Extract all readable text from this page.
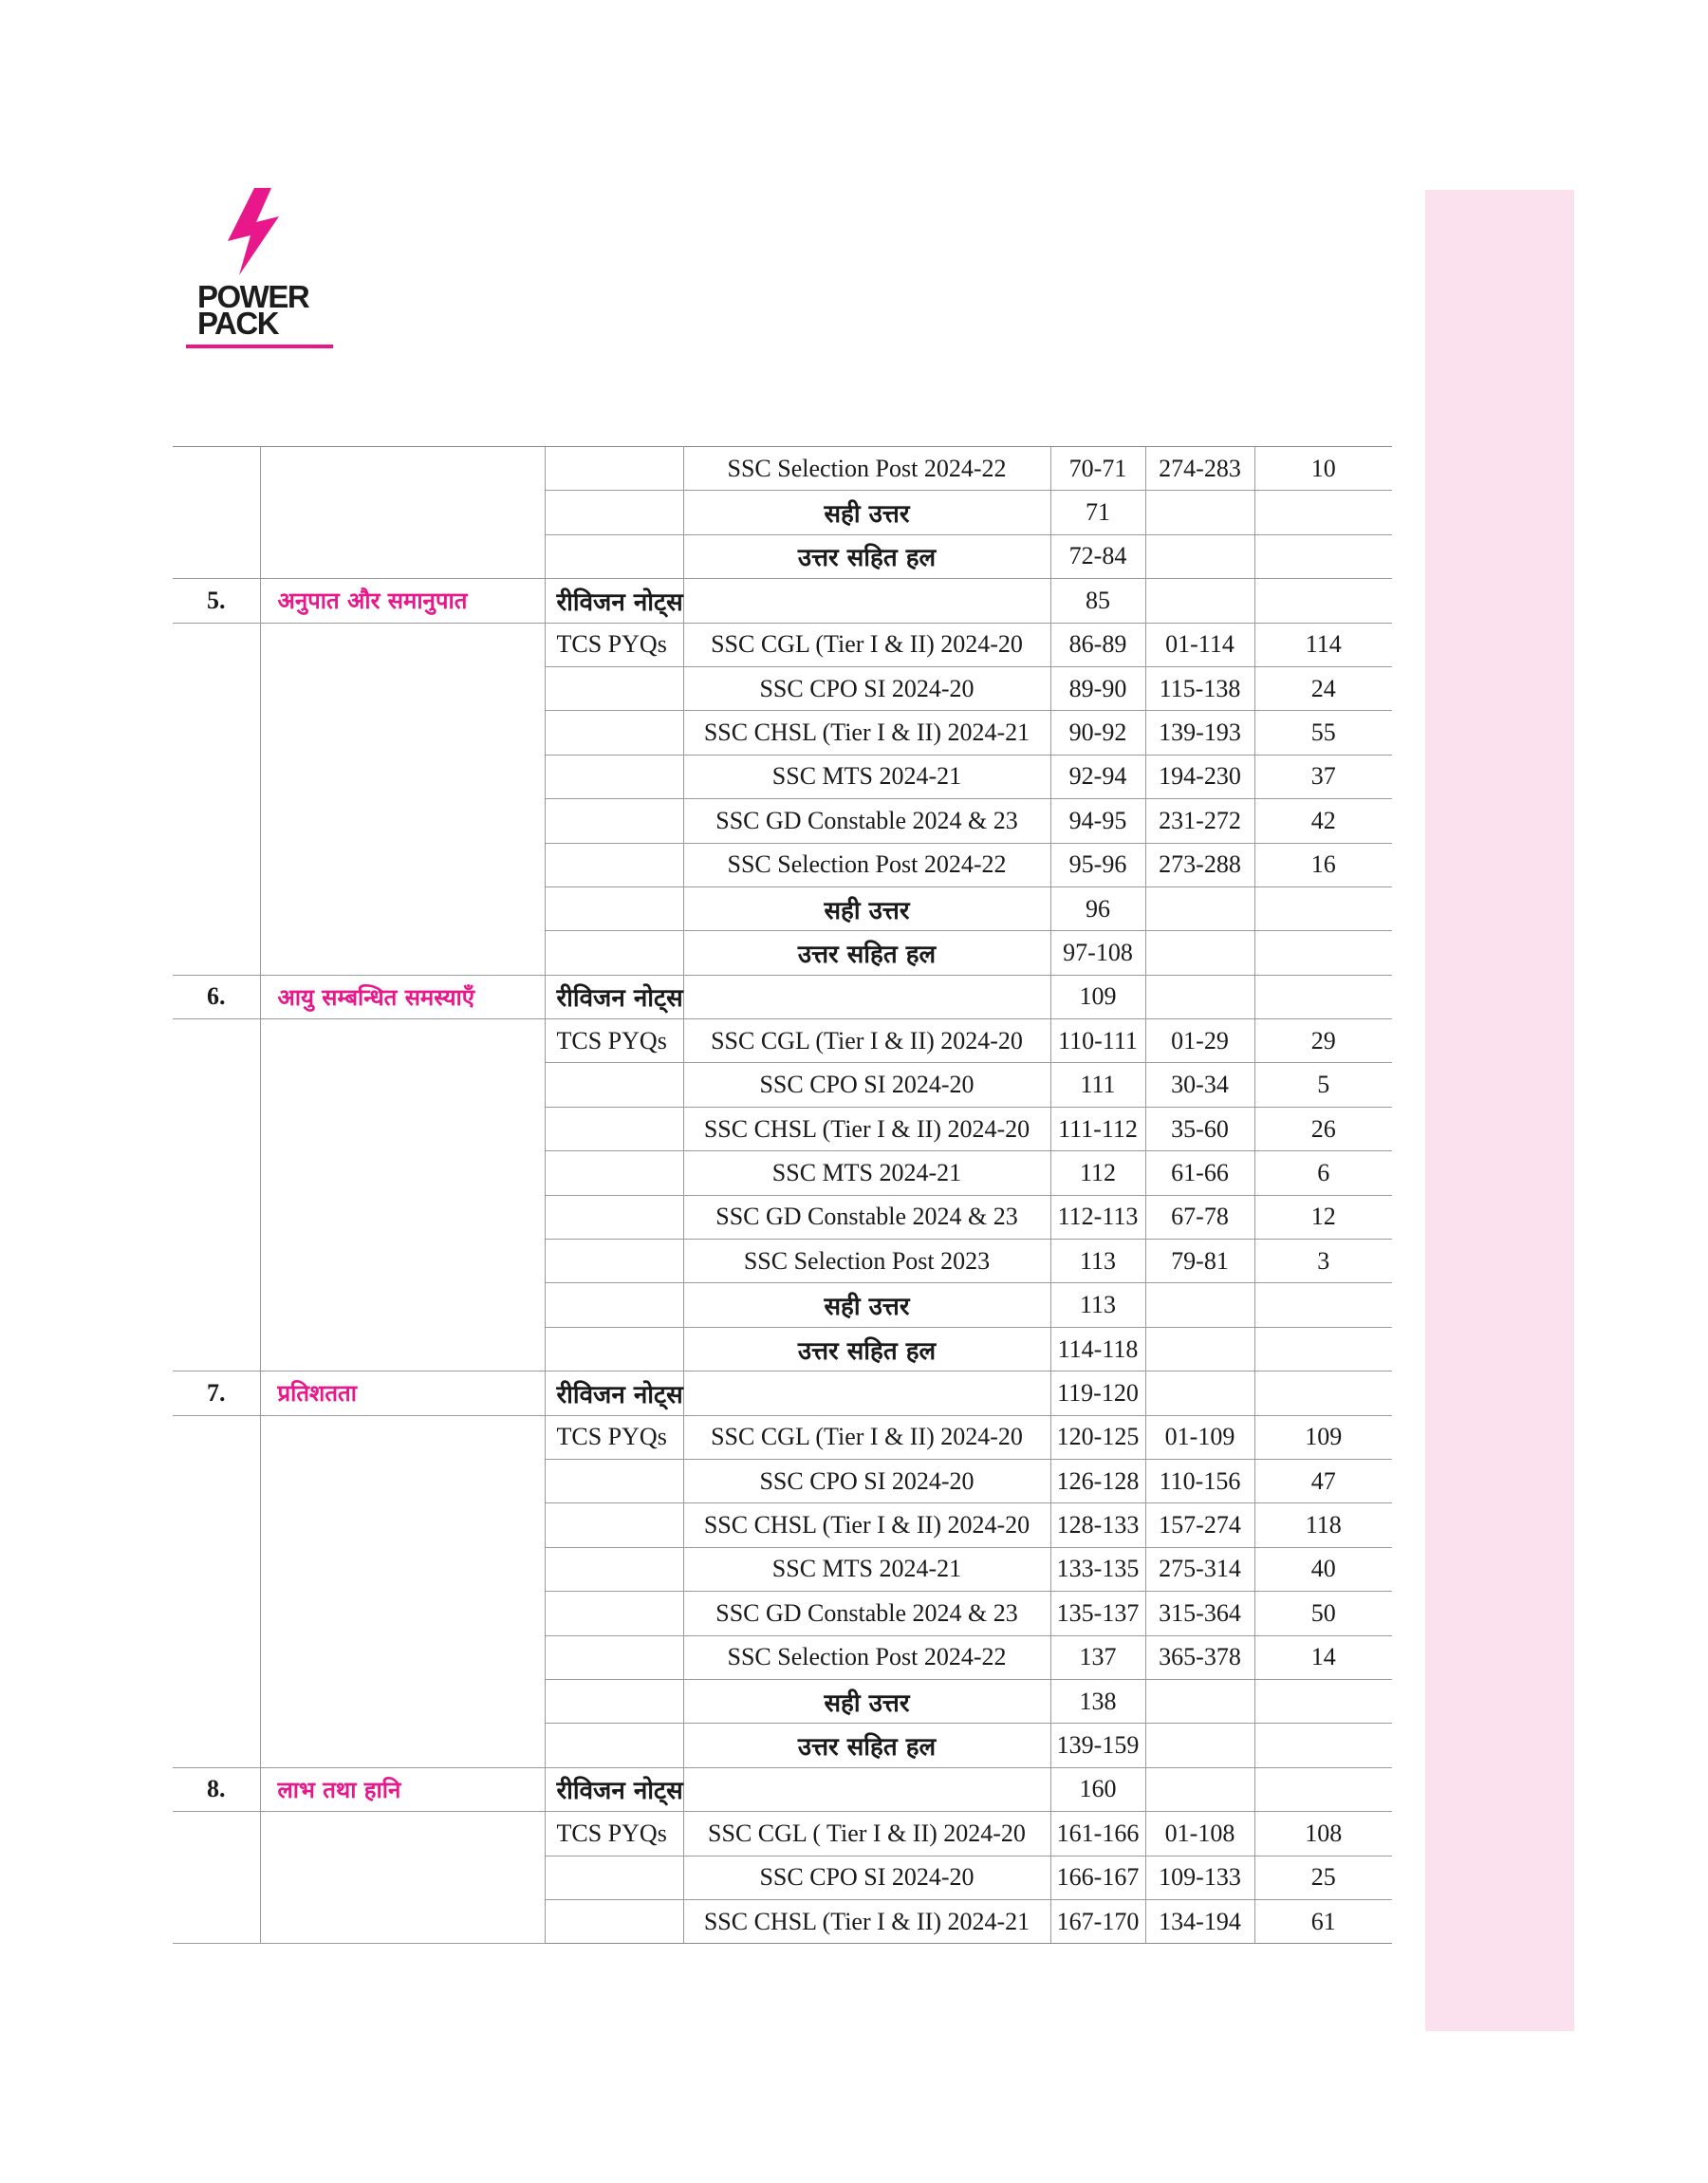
POWER
PACK
			SSC Selection Post 2024-22	70-71	274-283	10
			सही उत्तर	71		
			उत्तर सहित हल	72-84		
5.	अनुपात और समानुपात	रीविजन नोट्स		85		
		TCS PYQs	SSC CGL (Tier I & II) 2024-20	86-89	01-114	114
			SSC CPO SI 2024-20	89-90	115-138	24
			SSC CHSL (Tier I & II) 2024-21	90-92	139-193	55
			SSC MTS 2024-21	92-94	194-230	37
			SSC GD Constable 2024 & 23	94-95	231-272	42
			SSC Selection Post 2024-22	95-96	273-288	16
			सही उत्तर	96		
			उत्तर सहित हल	97-108		
6.	आयु सम्बन्धित समस्याएँ	रीविजन नोट्स		109		
		TCS PYQs	SSC CGL (Tier I & II) 2024-20	110-111	01-29	29
			SSC CPO SI 2024-20	111	30-34	5
			SSC CHSL (Tier I & II) 2024-20	111-112	35-60	26
			SSC MTS 2024-21	112	61-66	6
			SSC GD Constable 2024 & 23	112-113	67-78	12
			SSC Selection Post 2023	113	79-81	3
			सही उत्तर	113		
			उत्तर सहित हल	114-118		
7.	प्रतिशतता	रीविजन नोट्स		119-120		
		TCS PYQs	SSC CGL (Tier I & II) 2024-20	120-125	01-109	109
			SSC CPO SI 2024-20	126-128	110-156	47
			SSC CHSL (Tier I & II) 2024-20	128-133	157-274	118
			SSC MTS 2024-21	133-135	275-314	40
			SSC GD Constable 2024 & 23	135-137	315-364	50
			SSC Selection Post 2024-22	137	365-378	14
			सही उत्तर	138		
			उत्तर सहित हल	139-159		
8.	लाभ तथा हानि	रीविजन नोट्स		160		
		TCS PYQs	SSC CGL ( Tier I & II) 2024-20	161-166	01-108	108
			SSC CPO SI 2024-20	166-167	109-133	25
			SSC CHSL (Tier I & II) 2024-21	167-170	134-194	61
